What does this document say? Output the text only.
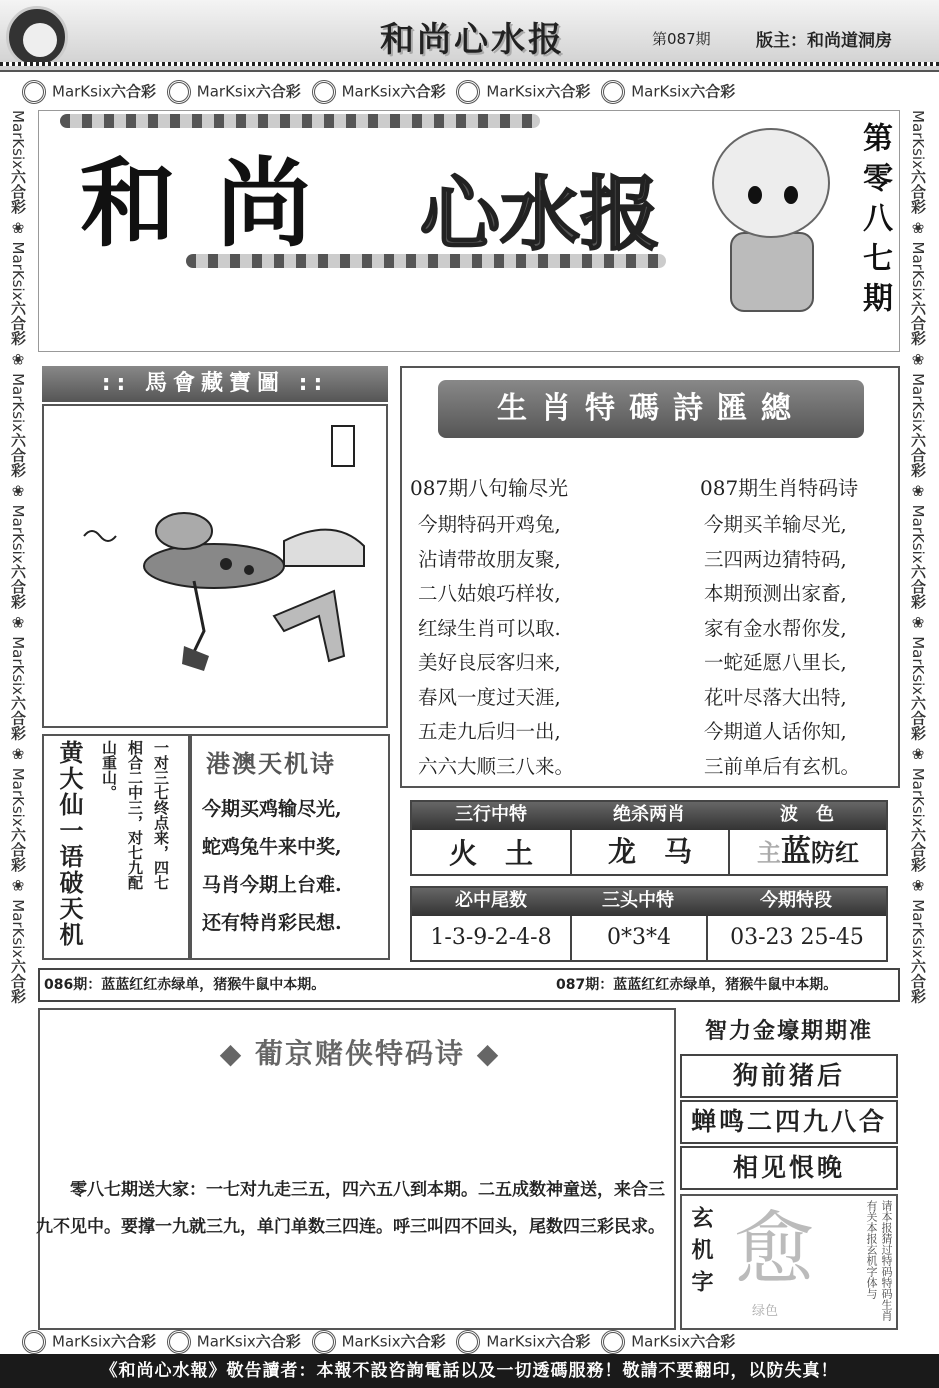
和尚心水报	第087期	版主：和尚道洞房
MarKsix六合彩	MarKsix六合彩	MarKsix六合彩	MarKsix六合彩	MarKsix六合彩
MarKsix六合彩 ❀ MarKsix六合彩 ❀ MarKsix六合彩 ❀ MarKsix六合彩 ❀ MarKsix六合彩 ❀ MarKsix六合彩 ❀ MarKsix六合彩
MarKsix六合彩 ❀ MarKsix六合彩 ❀ MarKsix六合彩 ❀ MarKsix六合彩 ❀ MarKsix六合彩 ❀ MarKsix六合彩 ❀ MarKsix六合彩
和尚 心水报	第零八七期
:: 馬會藏寶圖 ::
生肖特碼詩匯總
087期八句输尽光
今期特码开鸡兔,
沾请带故朋友聚,
二八姑娘巧样妆,
红绿生肖可以取.
美好良辰客归来,
春风一度过天涯,
五走九后归一出,
六六大顺三八来。
087期生肖特码诗
今期买羊输尽光,
三四两边猜特码,
本期预测出家畜,
家有金水帮你发,
一蛇延愿八里长,
花叶尽落大出特,
今期道人话你知,
三前单后有玄机。
黄大仙一语破天机	一对三七终点来，四七
相合二中三，对七九配
山重山。	港澳天机诗
今期买鸡输尽光,
蛇鸡兔牛来中奖,
马肖今期上台难.
还有特肖彩民想.
三行中特	绝杀两肖	波　色
火　土	龙　马	主蓝防红
必中尾数	三头中特	今期特段
1-3-9-2-4-8	0*3*4	03-23 25-45
086期：蓝蓝红红赤绿单，猪猴牛鼠中本期。	087期：蓝蓝红红赤绿单，猪猴牛鼠中本期。
◆ 葡京赌侠特码诗 ◆
零八七期送大家：一七对九走三五，四六五八到本期。二五成数神童送，来合三九不见中。要撑一九就三九，单门单数三四连。呼三叫四不回头，尾数四三彩民求。
智力金壕期期准
狗前猪后
蝉鸣二四九八合
相见恨晚
玄机字 愈
绿色	请本报猜过特码特码生肖有关本报玄机字体与
MarKsix六合彩	MarKsix六合彩	MarKsix六合彩	MarKsix六合彩	MarKsix六合彩
《和尚心水報》敬告讀者：本報不設咨詢電話以及一切透碼服務！敬請不要翻印，以防失真！
